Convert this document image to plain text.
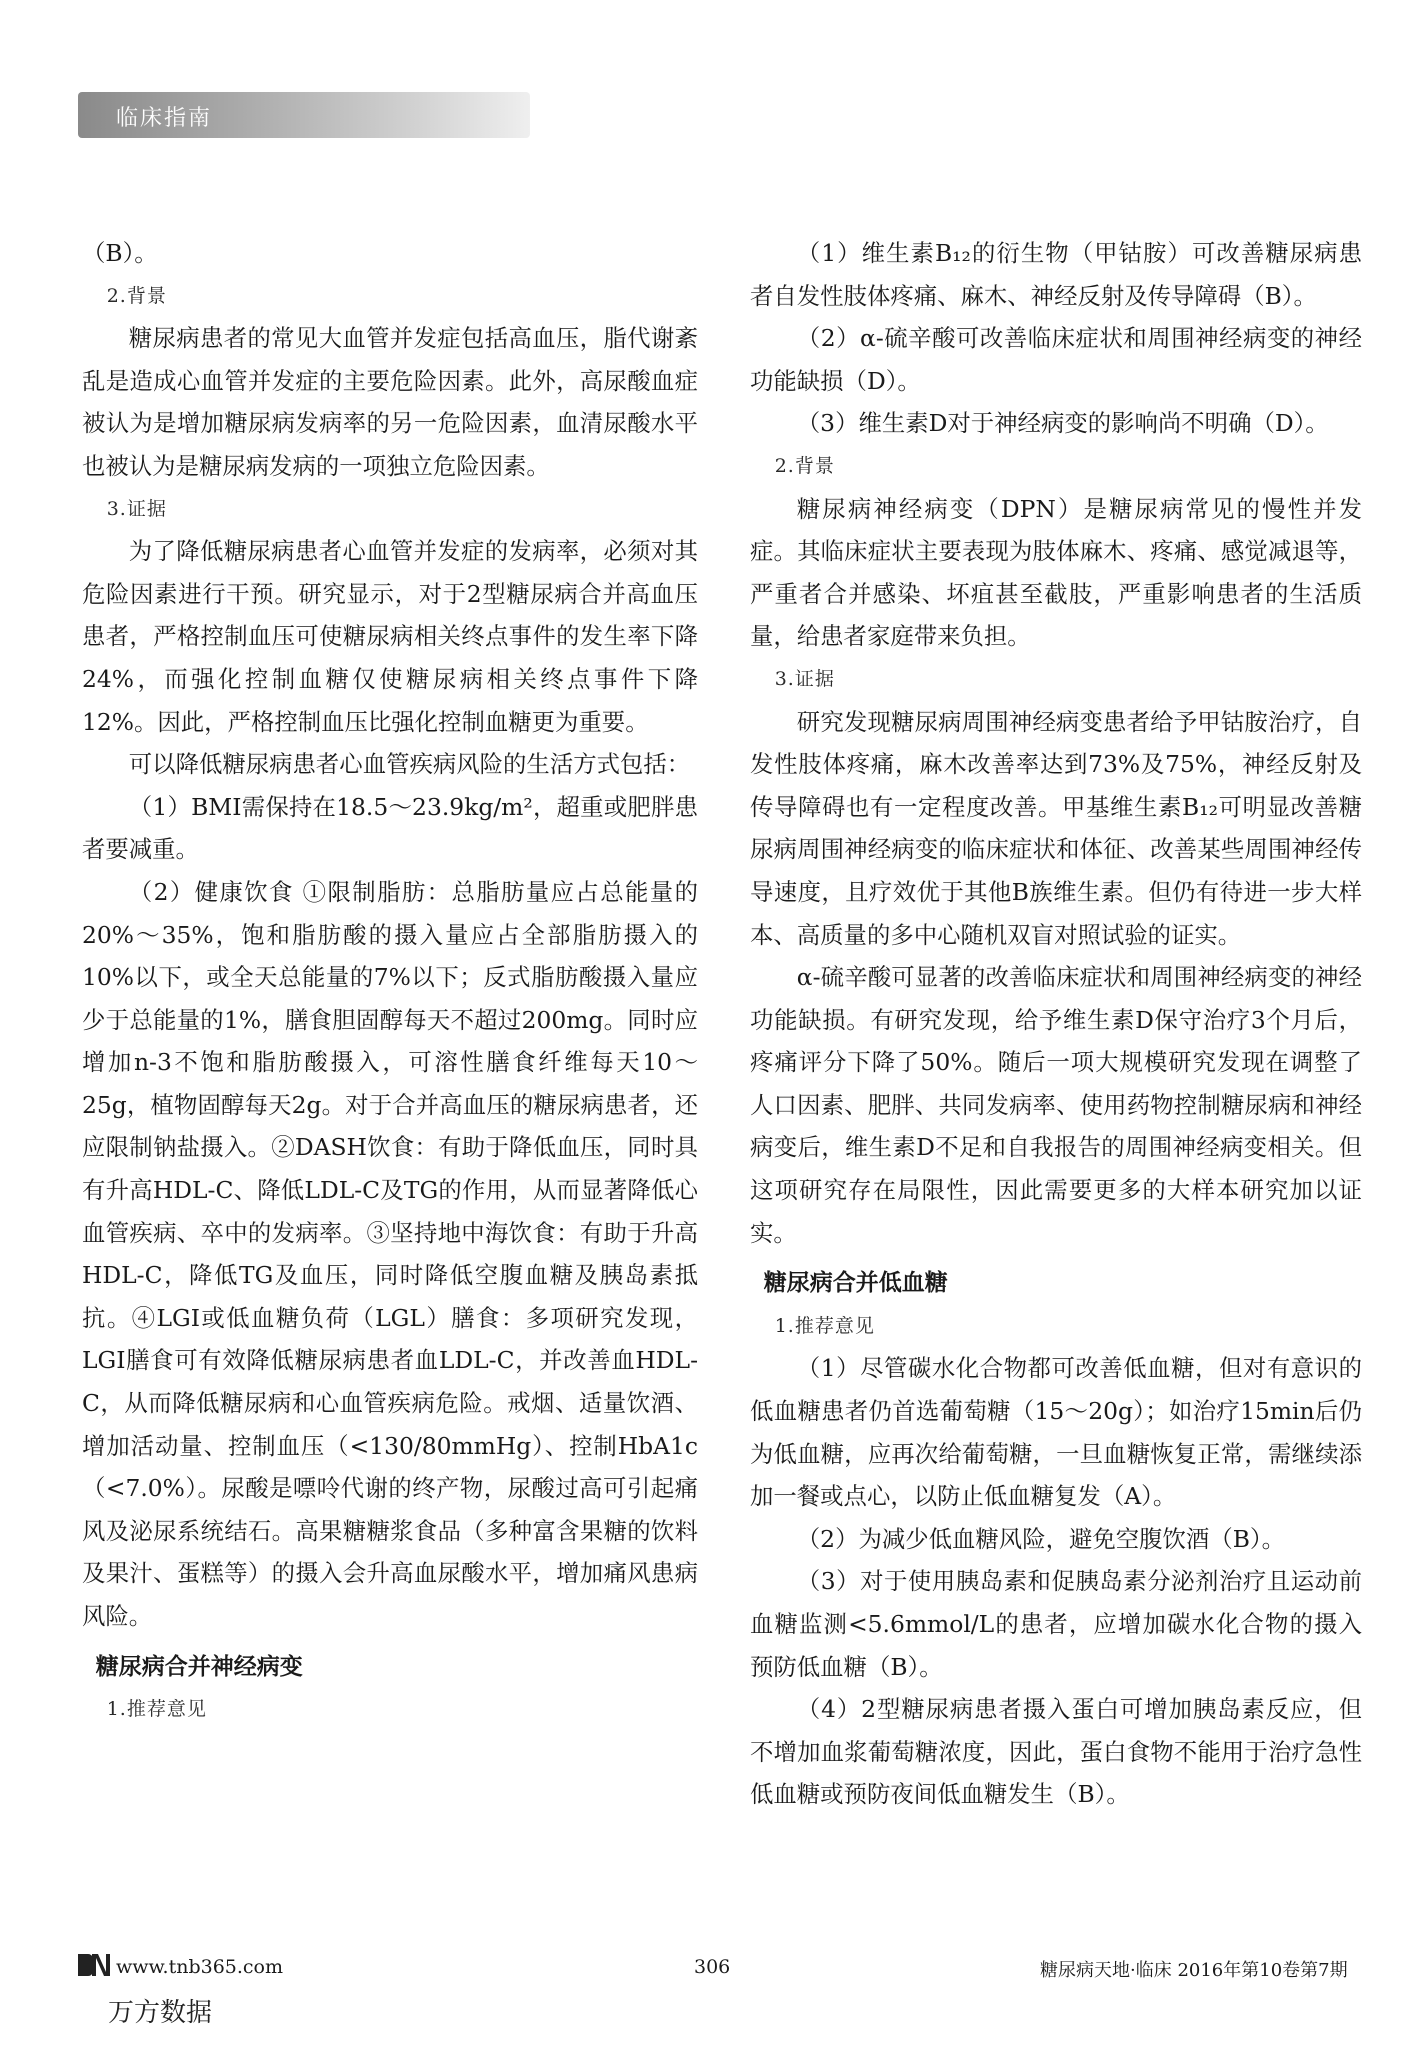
临床指南

（B）。

2.背景

糖尿病患者的常见大血管并发症包括高血压，脂代谢紊乱是造成心血管并发症的主要危险因素。此外，高尿酸血症被认为是增加糖尿病发病率的另一危险因素，血清尿酸水平也被认为是糖尿病发病的一项独立危险因素。

3.证据

为了降低糖尿病患者心血管并发症的发病率，必须对其危险因素进行干预。研究显示，对于2型糖尿病合并高血压患者，严格控制血压可使糖尿病相关终点事件的发生率下降24%，而强化控制血糖仅使糖尿病相关终点事件下降12%。因此，严格控制血压比强化控制血糖更为重要。

可以降低糖尿病患者心血管疾病风险的生活方式包括：

（1）BMI需保持在18.5～23.9kg/m²，超重或肥胖患者要减重。

（2）健康饮食 ①限制脂肪：总脂肪量应占总能量的20%～35%，饱和脂肪酸的摄入量应占全部脂肪摄入的10%以下，或全天总能量的7%以下；反式脂肪酸摄入量应少于总能量的1%，膳食胆固醇每天不超过200mg。同时应增加n-3不饱和脂肪酸摄入，可溶性膳食纤维每天10～25g，植物固醇每天2g。对于合并高血压的糖尿病患者，还应限制钠盐摄入。②DASH饮食：有助于降低血压，同时具有升高HDL-C、降低LDL-C及TG的作用，从而显著降低心血管疾病、卒中的发病率。③坚持地中海饮食：有助于升高HDL-C，降低TG及血压，同时降低空腹血糖及胰岛素抵抗。④LGI或低血糖负荷（LGL）膳食：多项研究发现，LGI膳食可有效降低糖尿病患者血LDL-C，并改善血HDL-C，从而降低糖尿病和心血管疾病危险。戒烟、适量饮酒、增加活动量、控制血压（<130/80mmHg）、控制HbA1c（<7.0%）。尿酸是嘌呤代谢的终产物，尿酸过高可引起痛风及泌尿系统结石。高果糖糖浆食品（多种富含果糖的饮料及果汁、蛋糕等）的摄入会升高血尿酸水平，增加痛风患病风险。

糖尿病合并神经病变

1.推荐意见

（1）维生素B₁₂的衍生物（甲钴胺）可改善糖尿病患者自发性肢体疼痛、麻木、神经反射及传导障碍（B）。

（2）α-硫辛酸可改善临床症状和周围神经病变的神经功能缺损（D）。

（3）维生素D对于神经病变的影响尚不明确（D）。

2.背景

糖尿病神经病变（DPN）是糖尿病常见的慢性并发症。其临床症状主要表现为肢体麻木、疼痛、感觉减退等，严重者合并感染、坏疽甚至截肢，严重影响患者的生活质量，给患者家庭带来负担。

3.证据

研究发现糖尿病周围神经病变患者给予甲钴胺治疗，自发性肢体疼痛，麻木改善率达到73%及75%，神经反射及传导障碍也有一定程度改善。甲基维生素B₁₂可明显改善糖尿病周围神经病变的临床症状和体征、改善某些周围神经传导速度，且疗效优于其他B族维生素。但仍有待进一步大样本、高质量的多中心随机双盲对照试验的证实。

α-硫辛酸可显著的改善临床症状和周围神经病变的神经功能缺损。有研究发现，给予维生素D保守治疗3个月后，疼痛评分下降了50%。随后一项大规模研究发现在调整了人口因素、肥胖、共同发病率、使用药物控制糖尿病和神经病变后，维生素D不足和自我报告的周围神经病变相关。但这项研究存在局限性，因此需要更多的大样本研究加以证实。

糖尿病合并低血糖

1.推荐意见

（1）尽管碳水化合物都可改善低血糖，但对有意识的低血糖患者仍首选葡萄糖（15～20g）；如治疗15min后仍为低血糖，应再次给葡萄糖，一旦血糖恢复正常，需继续添加一餐或点心，以防止低血糖复发（A）。

（2）为减少低血糖风险，避免空腹饮酒（B）。

（3）对于使用胰岛素和促胰岛素分泌剂治疗且运动前血糖监测<5.6mmol/L的患者，应增加碳水化合物的摄入预防低血糖（B）。

（4）2型糖尿病患者摄入蛋白可增加胰岛素反应，但不增加血浆葡萄糖浓度，因此，蛋白食物不能用于治疗急性低血糖或预防夜间低血糖发生（B）。

www.tnb365.com	306	糖尿病天地·临床 2016年第10卷第7期
万方数据
